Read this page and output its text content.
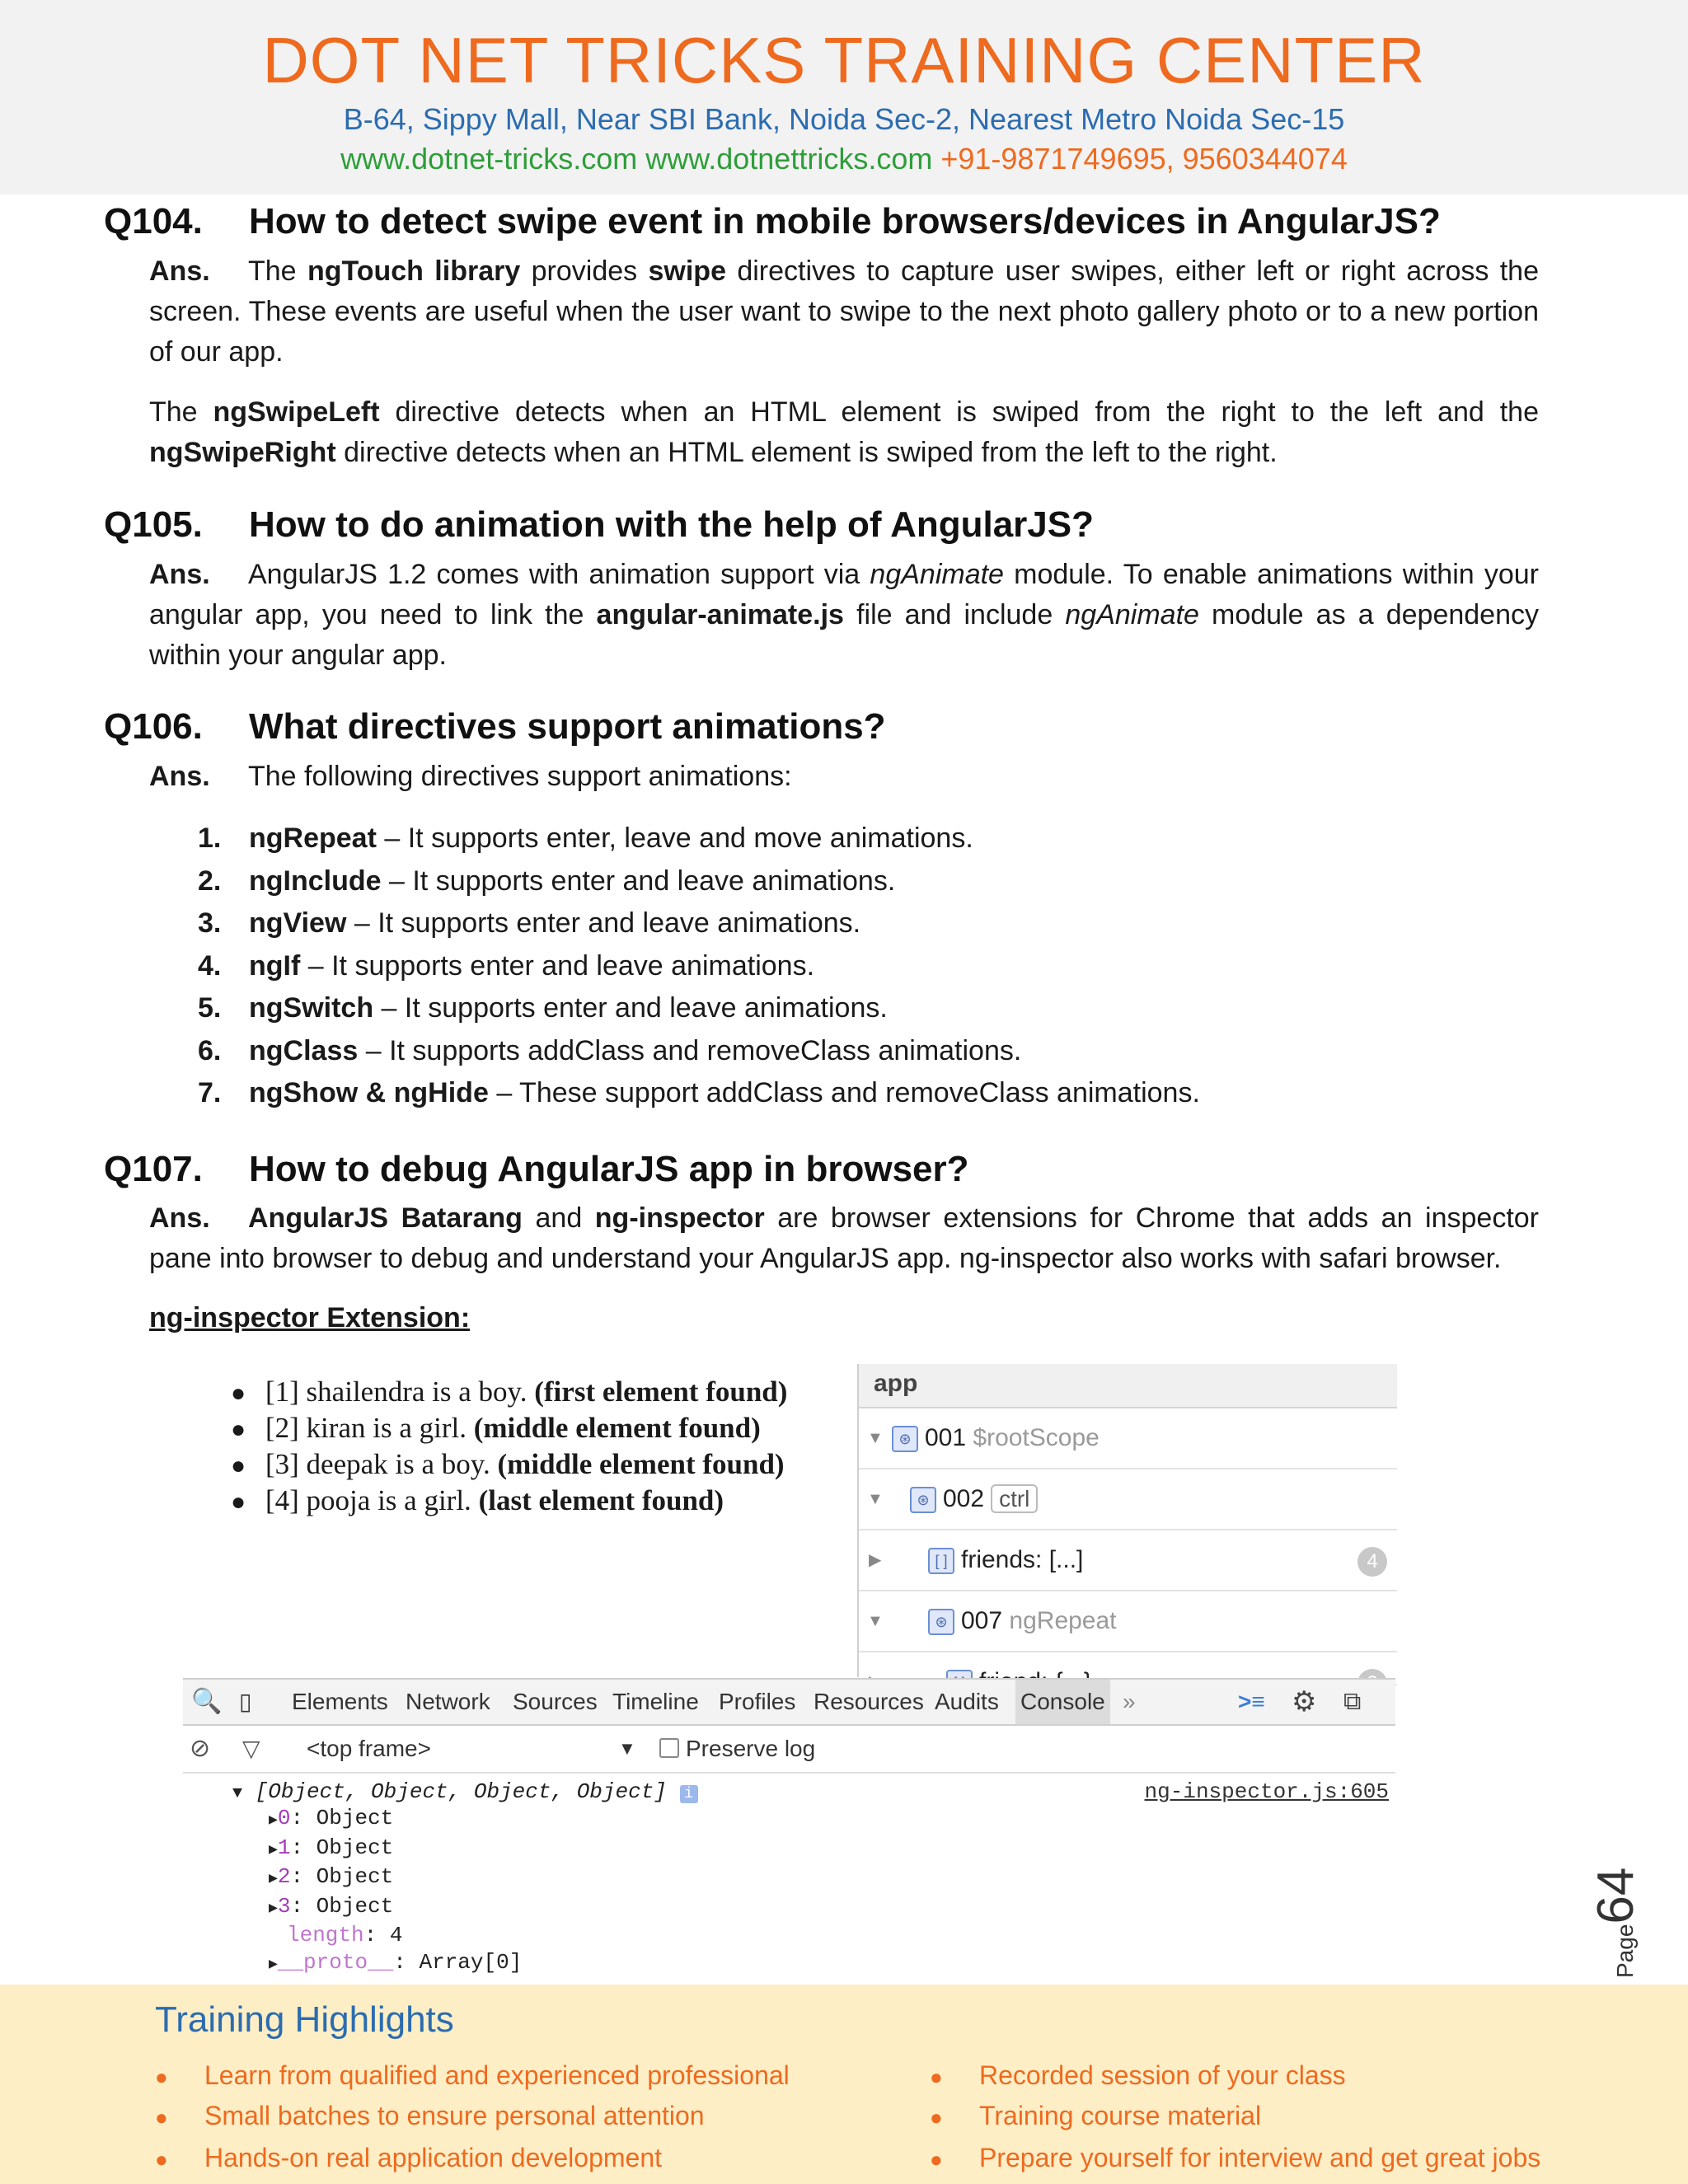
DOT NET TRICKS TRAINING CENTER
B-64, Sippy Mall, Near SBI Bank, Noida Sec-2, Nearest Metro Noida Sec-15
www.dotnet-tricks.com www.dotnettricks.com +91-9871749695, 9560344074
Q104. How to detect swipe event in mobile browsers/devices in AngularJS?
Ans. The ngTouch library provides swipe directives to capture user swipes, either left or right across the screen. These events are useful when the user want to swipe to the next photo gallery photo or to a new portion of our app.
The ngSwipeLeft directive detects when an HTML element is swiped from the right to the left and the ngSwipeRight directive detects when an HTML element is swiped from the left to the right.
Q105. How to do animation with the help of AngularJS?
Ans. AngularJS 1.2 comes with animation support via ngAnimate module. To enable animations within your angular app, you need to link the angular-animate.js file and include ngAnimate module as a dependency within your angular app.
Q106. What directives support animations?
Ans. The following directives support animations:
1. ngRepeat – It supports enter, leave and move animations.
2. ngInclude – It supports enter and leave animations.
3. ngView – It supports enter and leave animations.
4. ngIf – It supports enter and leave animations.
5. ngSwitch – It supports enter and leave animations.
6. ngClass – It supports addClass and removeClass animations.
7. ngShow & ngHide – These support addClass and removeClass animations.
Q107. How to debug AngularJS app in browser?
Ans. AngularJS Batarang and ng-inspector are browser extensions for Chrome that adds an inspector pane into browser to debug and understand your AngularJS app. ng-inspector also works with safari browser.
ng-inspector Extension:
● [1] shailendra is a boy. (first element found)
● [2] kiran is a girl. (middle element found)
● [3] deepak is a boy. (middle element found)
● [4] pooja is a girl. (last element found)
app
▼	⊛ 001 $rootScope
▼	⊛ 002 ctrl
▶	[ ] friends: [...]	4
▼	⊛ 007 ngRepeat
🔍 ▯ Elements Network Sources Timeline Profiles Resources Audits Console »	>≡ ⚙ ⧉
⊘ ▽ <top frame>	▼ Preserve log
▼ [Object, Object, Object, Object] i	ng-inspector.js:605
▶0: Object
▶1: Object
▶2: Object
▶3: Object
length: 4
▶__proto__: Array[0]	Page64
Training Highlights
● Learn from qualified and experienced professional
● Small batches to ensure personal attention
● Hands-on real application development
● Recorded session of your class
● Training course material
● Prepare yourself for interview and get great jobs
